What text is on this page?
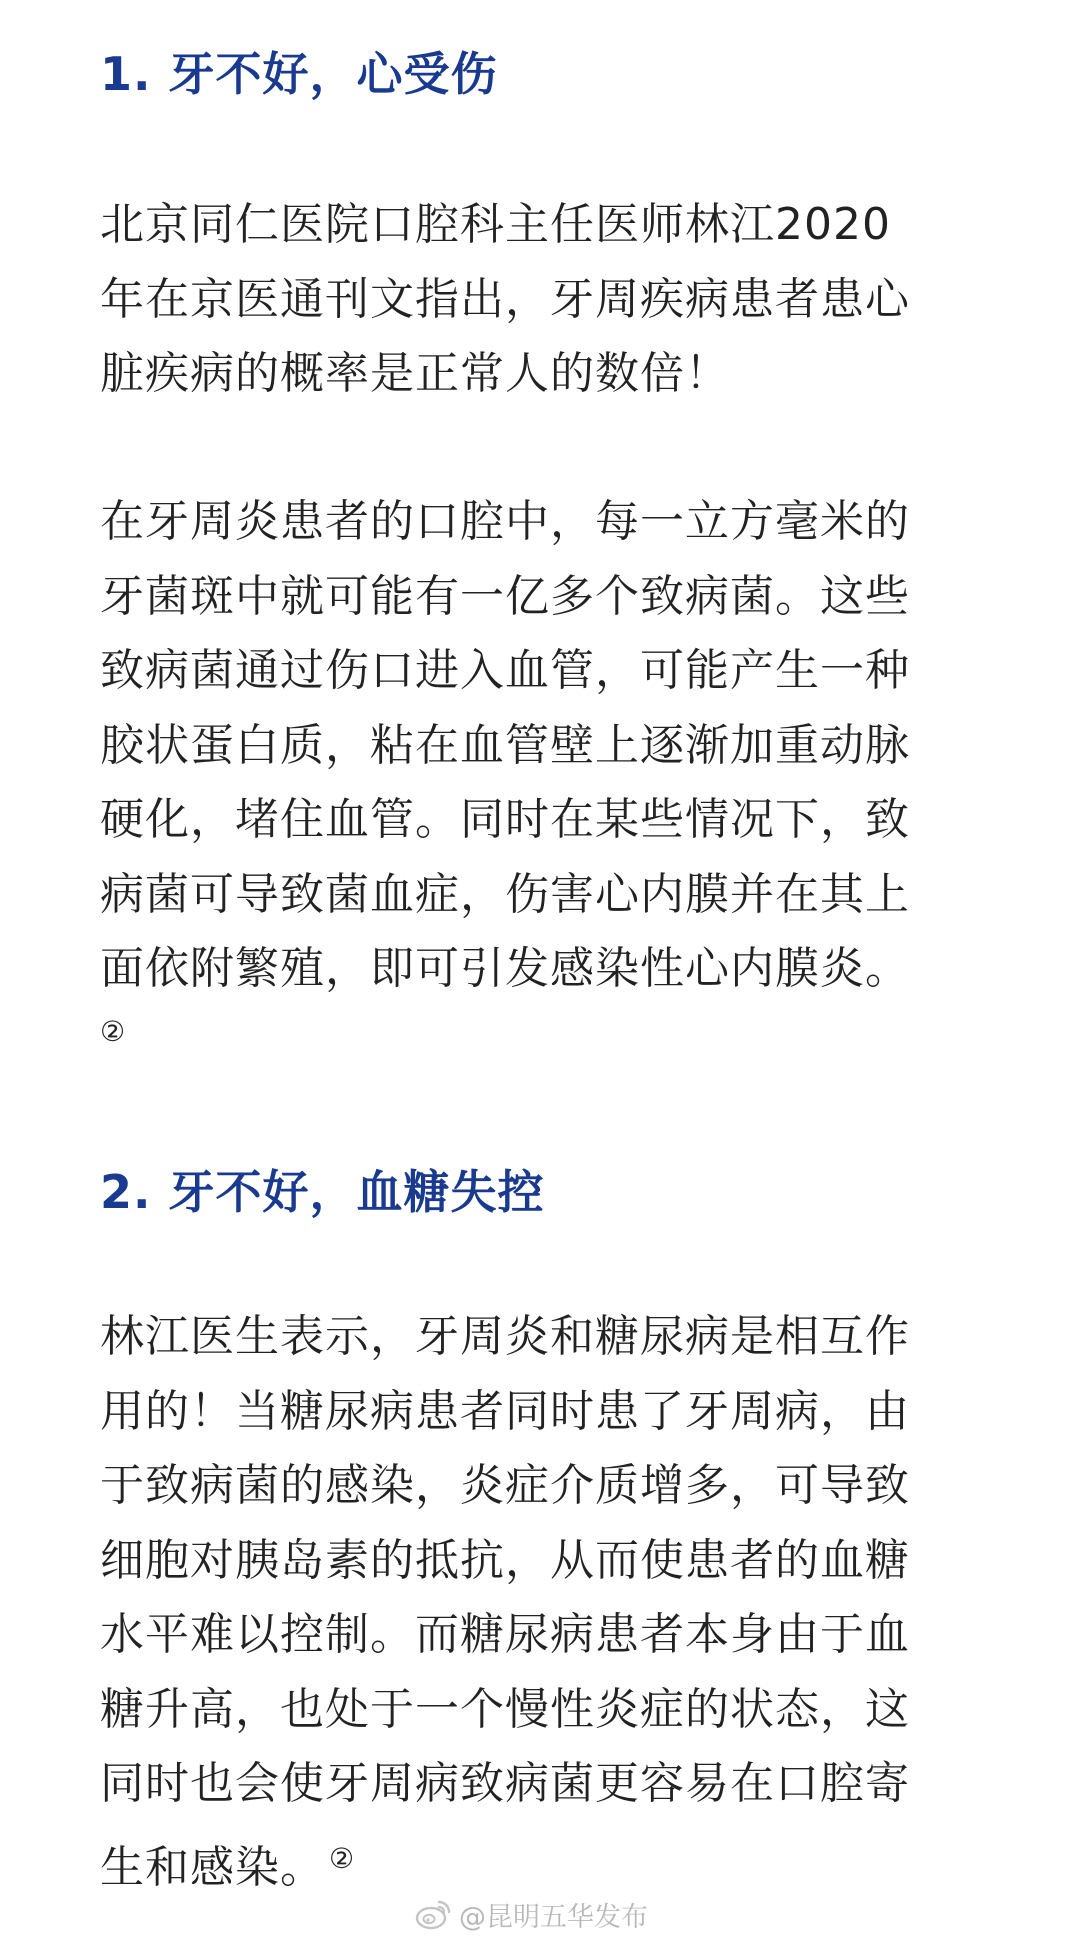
1. 牙不好，心受伤
北京同仁医院口腔科主任医师林江2020
年在京医通刊文指出，牙周疾病患者患心
脏疾病的概率是正常人的数倍！
在牙周炎患者的口腔中，每一立方毫米的
牙菌斑中就可能有一亿多个致病菌。这些
致病菌通过伤口进入血管，可能产生一种
胶状蛋白质，粘在血管壁上逐渐加重动脉
硬化，堵住血管。同时在某些情况下，致
病菌可导致菌血症，伤害心内膜并在其上
面依附繁殖，即可引发感染性心内膜炎。
②
2. 牙不好，血糖失控
林江医生表示，牙周炎和糖尿病是相互作
用的！当糖尿病患者同时患了牙周病，由
于致病菌的感染，炎症介质增多，可导致
细胞对胰岛素的抵抗，从而使患者的血糖
水平难以控制。而糖尿病患者本身由于血
糖升高，也处于一个慢性炎症的状态，这
同时也会使牙周病致病菌更容易在口腔寄
生和感染。 ②
@昆明五华发布
